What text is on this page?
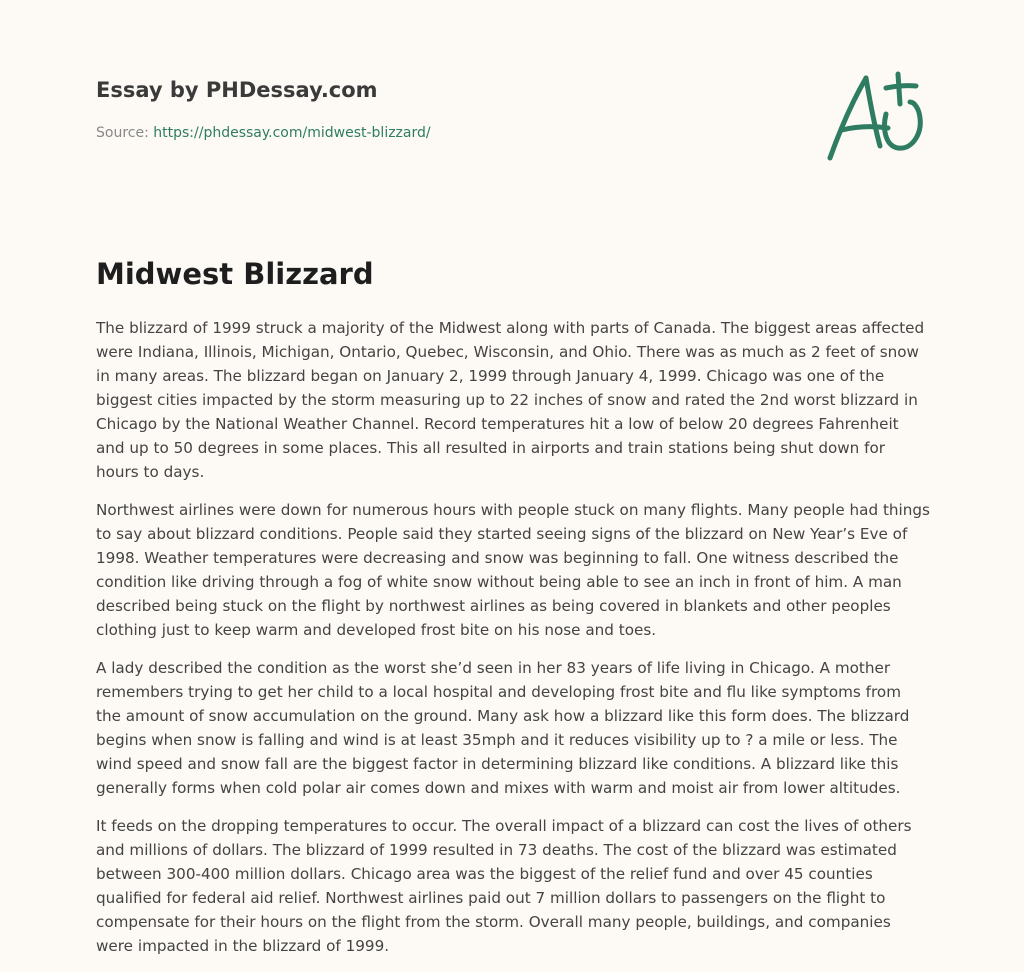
Essay by PHDessay.com
Source: https://phdessay.com/midwest-blizzard/
Midwest Blizzard

The blizzard of 1999 struck a majority of the Midwest along with parts of Canada. The biggest areas affected were Indiana, Illinois, Michigan, Ontario, Quebec, Wisconsin, and Ohio. There was as much as 2 feet of snow in many areas. The blizzard began on January 2, 1999 through January 4, 1999. Chicago was one of the biggest cities impacted by the storm measuring up to 22 inches of snow and rated the 2nd worst blizzard in Chicago by the National Weather Channel. Record temperatures hit a low of below 20 degrees Fahrenheit and up to 50 degrees in some places. This all resulted in airports and train stations being shut down for hours to days.

Northwest airlines were down for numerous hours with people stuck on many flights. Many people had things to say about blizzard conditions. People said they started seeing signs of the blizzard on New Year’s Eve of 1998. Weather temperatures were decreasing and snow was beginning to fall. One witness described the condition like driving through a fog of white snow without being able to see an inch in front of him. A man described being stuck on the flight by northwest airlines as being covered in blankets and other peoples clothing just to keep warm and developed frost bite on his nose and toes.

A lady described the condition as the worst she’d seen in her 83 years of life living in Chicago. A mother remembers trying to get her child to a local hospital and developing frost bite and flu like symptoms from the amount of snow accumulation on the ground. Many ask how a blizzard like this form does. The blizzard begins when snow is falling and wind is at least 35mph and it reduces visibility up to ? a mile or less. The wind speed and snow fall are the biggest factor in determining blizzard like conditions. A blizzard like this generally forms when cold polar air comes down and mixes with warm and moist air from lower altitudes.

It feeds on the dropping temperatures to occur. The overall impact of a blizzard can cost the lives of others and millions of dollars. The blizzard of 1999 resulted in 73 deaths. The cost of the blizzard was estimated between 300-400 million dollars. Chicago area was the biggest of the relief fund and over 45 counties qualified for federal aid relief. Northwest airlines paid out 7 million dollars to passengers on the flight to compensate for their hours on the flight from the storm. Overall many people, buildings, and companies were impacted in the blizzard of 1999.
